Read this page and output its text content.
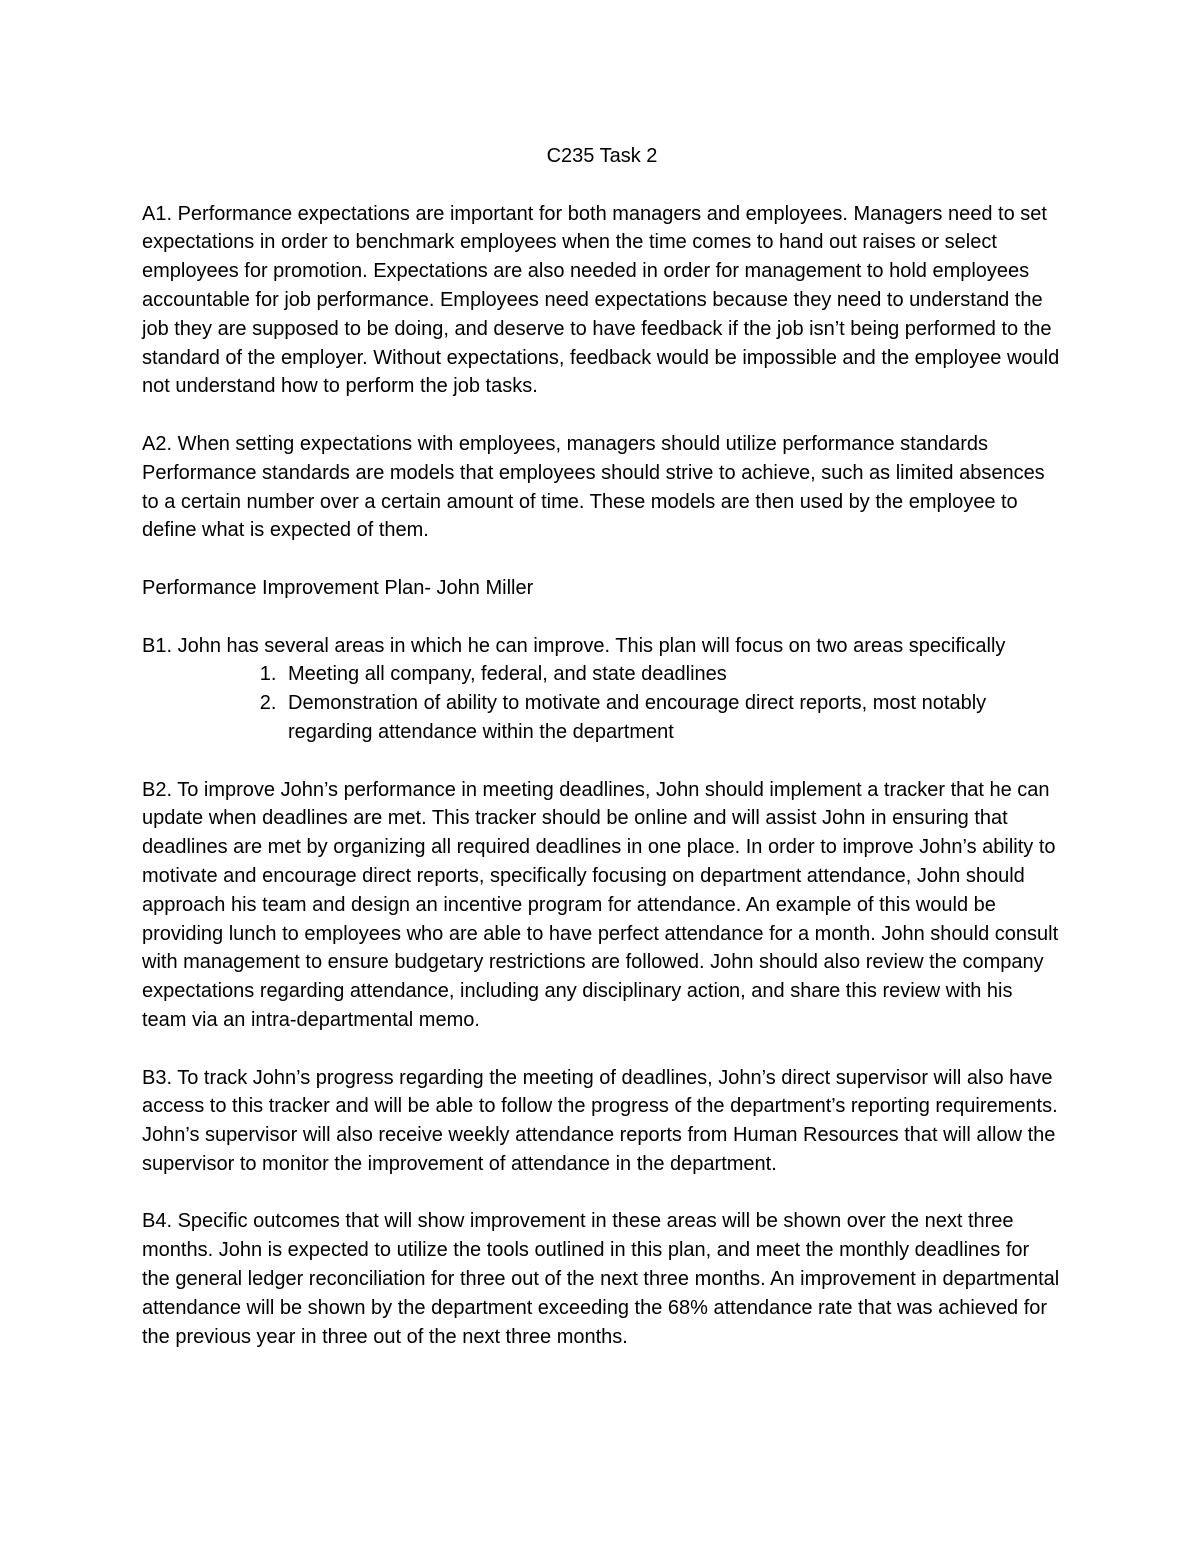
C235 Task 2

A1. Performance expectations are important for both managers and employees. Managers need to set expectations in order to benchmark employees when the time comes to hand out raises or select employees for promotion. Expectations are also needed in order for management to hold employees accountable for job performance. Employees need expectations because they need to understand the job they are supposed to be doing, and deserve to have feedback if the job isn’t being performed to the standard of the employer. Without expectations, feedback would be impossible and the employee would not understand how to perform the job tasks.

A2. When setting expectations with employees, managers should utilize performance standards Performance standards are models that employees should strive to achieve, such as limited absences to a certain number over a certain amount of time. These models are then used by the employee to define what is expected of them.

Performance Improvement Plan- John Miller

B1. John has several areas in which he can improve. This plan will focus on two areas specifically

1. Meeting all company, federal, and state deadlines
2. Demonstration of ability to motivate and encourage direct reports, most notably regarding attendance within the department

B2. To improve John’s performance in meeting deadlines, John should implement a tracker that he can update when deadlines are met. This tracker should be online and will assist John in ensuring that deadlines are met by organizing all required deadlines in one place. In order to improve John’s ability to motivate and encourage direct reports, specifically focusing on department attendance, John should approach his team and design an incentive program for attendance. An example of this would be providing lunch to employees who are able to have perfect attendance for a month. John should consult with management to ensure budgetary restrictions are followed. John should also review the company expectations regarding attendance, including any disciplinary action, and share this review with his team via an intra-departmental memo.

B3. To track John’s progress regarding the meeting of deadlines, John’s direct supervisor will also have access to this tracker and will be able to follow the progress of the department’s reporting requirements. John’s supervisor will also receive weekly attendance reports from Human Resources that will allow the supervisor to monitor the improvement of attendance in the department.

B4. Specific outcomes that will show improvement in these areas will be shown over the next three months. John is expected to utilize the tools outlined in this plan, and meet the monthly deadlines for the general ledger reconciliation for three out of the next three months. An improvement in departmental attendance will be shown by the department exceeding the 68% attendance rate that was achieved for the previous year in three out of the next three months.
